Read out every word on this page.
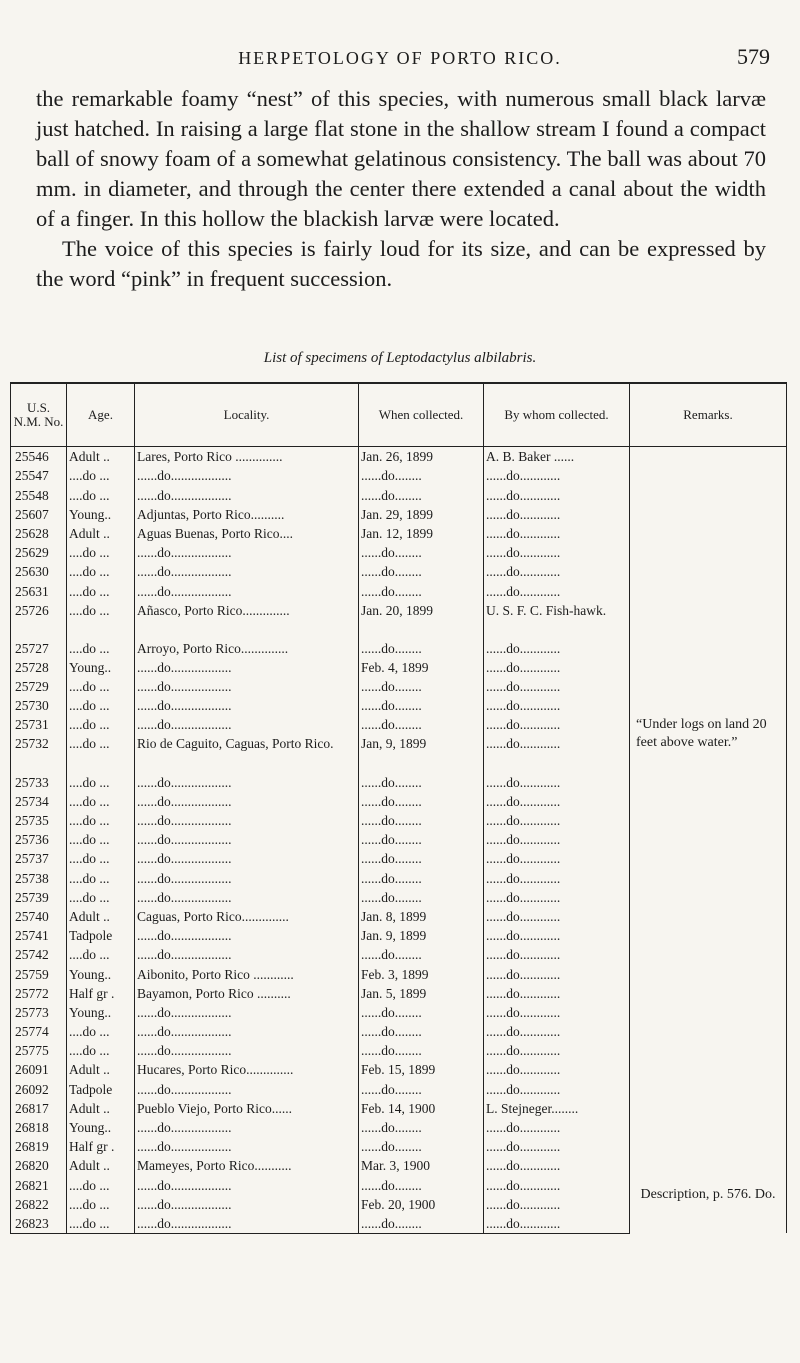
HERPETOLOGY OF PORTO RICO.	579

the remarkable foamy “nest” of this species, with numerous small black larvæ just hatched. In raising a large flat stone in the shallow stream I found a compact ball of snowy foam of a somewhat gelatinous consistency. The ball was about 70 mm. in diameter, and through the center there extended a canal about the width of a finger. In this hollow the blackish larvæ were located.

The voice of this species is fairly loud for its size, and can be expressed by the word “pink” in frequent succession.

List of specimens of Leptodactylus albilabris.
U.S. N.M. No.	Age.	Locality.	When collected.	By whom collected.	Remarks.
25546	Adult ..	Lares, Porto Rico ..............	Jan. 26, 1899	A. B. Baker ......	
25547	....do ...	......do..................	......do........	......do............	
25548	....do ...	......do..................	......do........	......do............	
25607	Young..	Adjuntas, Porto Rico..........	Jan. 29, 1899	......do............	
25628	Adult ..	Aguas Buenas, Porto Rico....	Jan. 12, 1899	......do............	
25629	....do ...	......do..................	......do........	......do............	
25630	....do ...	......do..................	......do........	......do............	
25631	....do ...	......do..................	......do........	......do............	
25726	....do ...	Añasco, Porto Rico..............	Jan. 20, 1899	U. S. F. C. Fish-hawk.	
25727	....do ...	Arroyo, Porto Rico..............	......do........	......do............	
25728	Young..	......do..................	Feb. 4, 1899	......do............	“Under logs on land 20 feet above water.”
25729	....do ...	......do..................	......do........	......do............	
25730	....do ...	......do..................	......do........	......do............	
25731	....do ...	......do..................	......do........	......do............	
25732	....do ...	Rio de Caguito, Caguas, Porto Rico.	Jan, 9, 1899	......do............	
25733	....do ...	......do..................	......do........	......do............	
25734	....do ...	......do..................	......do........	......do............	
25735	....do ...	......do..................	......do........	......do............	
25736	....do ...	......do..................	......do........	......do............	
25737	....do ...	......do..................	......do........	......do............	
25738	....do ...	......do..................	......do........	......do............	
25739	....do ...	......do..................	......do........	......do............	
25740	Adult ..	Caguas, Porto Rico..............	Jan. 8, 1899	......do............	
25741	Tadpole	......do..................	Jan. 9, 1899	......do............	
25742	....do ...	......do..................	......do........	......do............	
25759	Young..	Aibonito, Porto Rico ............	Feb. 3, 1899	......do............	
25772	Half gr .	Bayamon, Porto Rico ..........	Jan. 5, 1899	......do............	
25773	Young..	......do..................	......do........	......do............	
25774	....do ...	......do..................	......do........	......do............	
25775	....do ...	......do..................	......do........	......do............	
26091	Adult ..	Hucares, Porto Rico..............	Feb. 15, 1899	......do............	
26092	Tadpole	......do..................	......do........	......do............	
26817	Adult ..	Pueblo Viejo, Porto Rico......	Feb. 14, 1900	L. Stejneger........	
26818	Young..	......do..................	......do........	......do............	
26819	Half gr .	......do..................	......do........	......do............	
26820	Adult ..	Mameyes, Porto Rico...........	Mar. 3, 1900	......do............	Description, p. 576. Do.
26821	....do ...	......do..................	......do........	......do............	
26822	....do ...	......do..................	Feb. 20, 1900	......do............	
26823	....do ...	......do..................	......do........	......do............	
